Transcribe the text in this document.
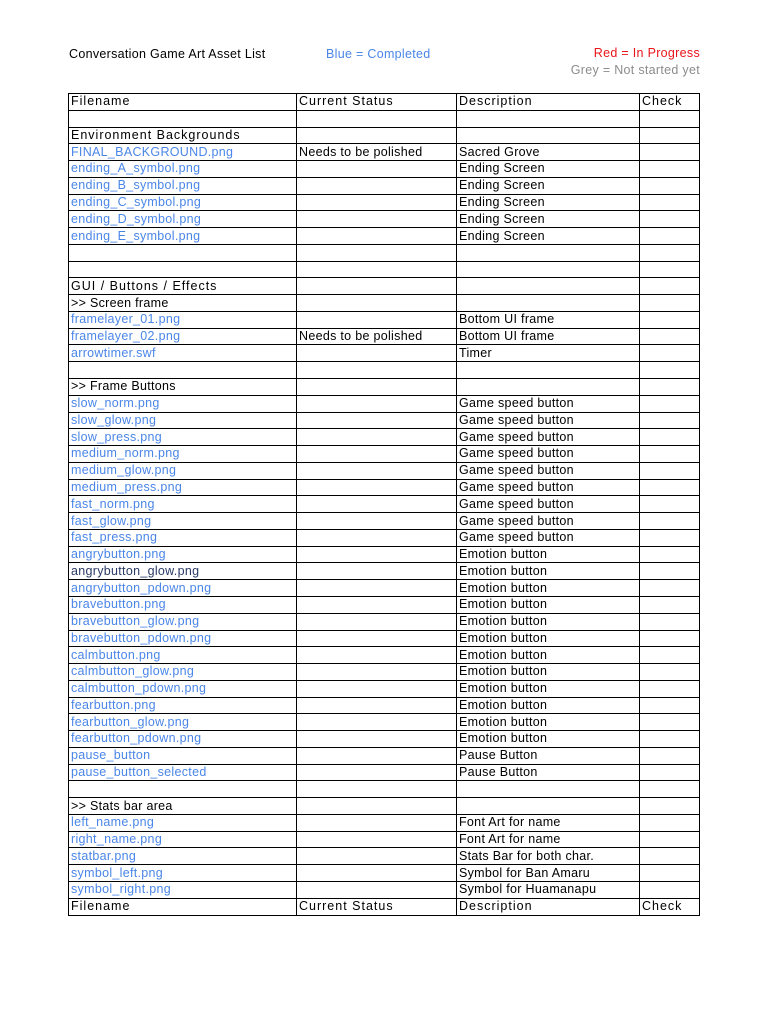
Conversation Game Art Asset List	Blue = Completed	Red = In Progress
Grey = Not started yet
Filename	Current Status	Description	Check

Environment Backgrounds			
FINAL_BACKGROUND.png	Needs to be polished	Sacred Grove	
ending_A_symbol.png		Ending Screen	
ending_B_symbol.png		Ending Screen	
ending_C_symbol.png		Ending Screen	
ending_D_symbol.png		Ending Screen	
ending_E_symbol.png		Ending Screen	

GUI / Buttons / Effects			
>> Screen frame			
framelayer_01.png		Bottom UI frame	
framelayer_02.png	Needs to be polished	Bottom UI frame	
arrowtimer.swf		Timer	

>> Frame Buttons			
slow_norm.png		Game speed button	
slow_glow.png		Game speed button	
slow_press.png		Game speed button	
medium_norm.png		Game speed button	
medium_glow.png		Game speed button	
medium_press.png		Game speed button	
fast_norm.png		Game speed button	
fast_glow.png		Game speed button	
fast_press.png		Game speed button	
angrybutton.png		Emotion button	
angrybutton_glow.png		Emotion button	
angrybutton_pdown.png		Emotion button	
bravebutton.png		Emotion button	
bravebutton_glow.png		Emotion button	
bravebutton_pdown.png		Emotion button	
calmbutton.png		Emotion button	
calmbutton_glow.png		Emotion button	
calmbutton_pdown.png		Emotion button	
fearbutton.png		Emotion button	
fearbutton_glow.png		Emotion button	
fearbutton_pdown.png		Emotion button	
pause_button		Pause Button	
pause_button_selected		Pause Button	

>> Stats bar area			
left_name.png		Font Art for name	
right_name.png		Font Art for name	
statbar.png		Stats Bar for both char.	
symbol_left.png		Symbol for Ban Amaru	
symbol_right.png		Symbol for Huamanapu	
Filename	Current Status	Description	Check
